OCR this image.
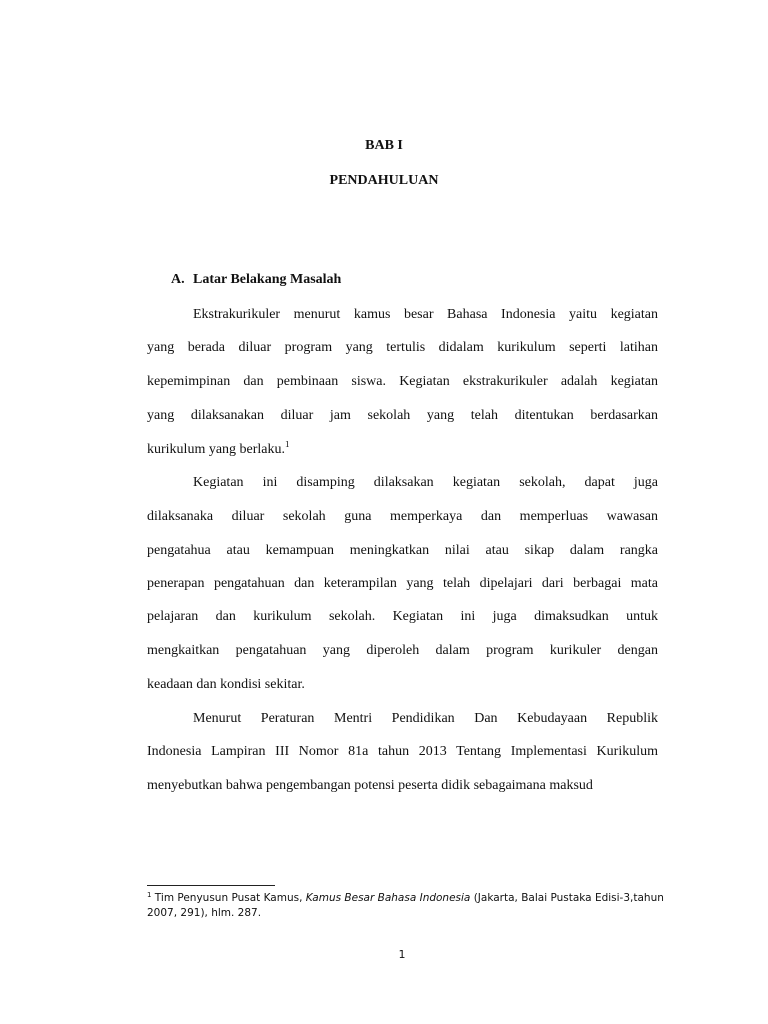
BAB I
PENDAHULUAN
A. Latar Belakang Masalah
Ekstrakurikuler menurut kamus besar Bahasa Indonesia yaitu kegiatan
yang berada diluar program yang tertulis didalam kurikulum seperti latihan
kepemimpinan dan pembinaan siswa. Kegiatan ekstrakurikuler adalah kegiatan
yang dilaksanakan diluar jam sekolah yang telah ditentukan berdasarkan
kurikulum yang berlaku.$^1$
Kegiatan ini disamping dilaksakan kegiatan sekolah, dapat juga
dilaksanaka diluar sekolah guna memperkaya dan memperluas wawasan
pengatahua atau kemampuan meningkatkan nilai atau sikap dalam rangka
penerapan pengatahuan dan keterampilan yang telah dipelajari dari berbagai mata
pelajaran dan kurikulum sekolah. Kegiatan ini juga dimaksudkan untuk
mengkaitkan pengatahuan yang diperoleh dalam program kurikuler dengan
keadaan dan kondisi sekitar.
Menurut Peraturan Mentri Pendidikan Dan Kebudayaan Republik
Indonesia Lampiran III Nomor 81a tahun 2013 Tentang Implementasi Kurikulum
menyebutkan bahwa pengembangan potensi peserta didik sebagaimana maksud
$^1$ Tim Penyusun Pusat Kamus, Kamus Besar Bahasa Indonesia (Jakarta, Balai Pustaka Edisi-3,tahun
2007, 291), hlm. 287.
1
